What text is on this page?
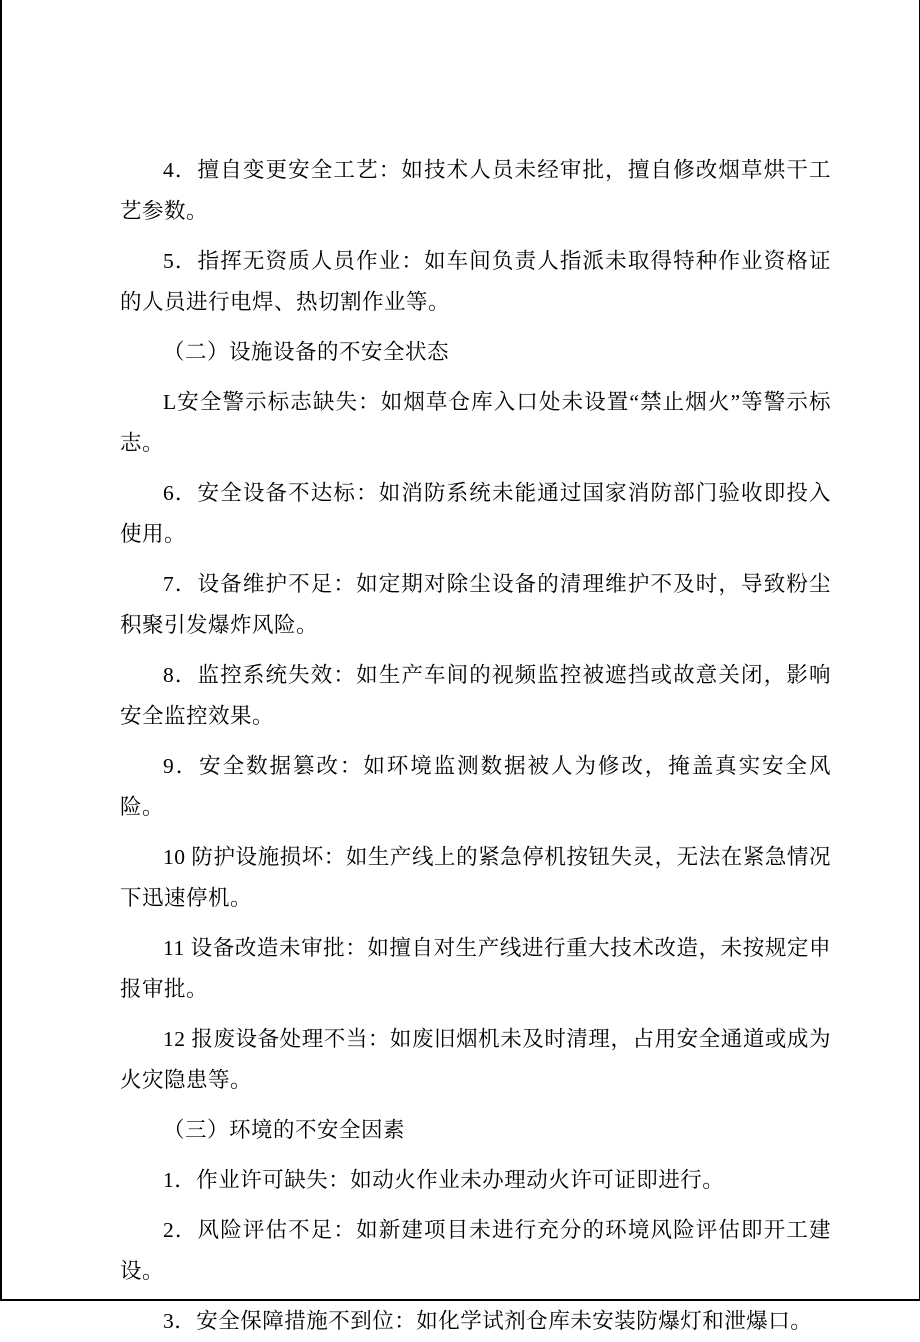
4．擅自变更安全工艺：如技术人员未经审批，擅自修改烟草烘干工艺参数。

5．指挥无资质人员作业：如车间负责人指派未取得特种作业资格证的人员进行电焊、热切割作业等。

（二）设施设备的不安全状态

L安全警示标志缺失：如烟草仓库入口处未设置“禁止烟火”等警示标志。

6．安全设备不达标：如消防系统未能通过国家消防部门验收即投入使用。

7．设备维护不足：如定期对除尘设备的清理维护不及时，导致粉尘积聚引发爆炸风险。

8．监控系统失效：如生产车间的视频监控被遮挡或故意关闭，影响安全监控效果。

9．安全数据篡改：如环境监测数据被人为修改，掩盖真实安全风险。

10 防护设施损坏：如生产线上的紧急停机按钮失灵，无法在紧急情况下迅速停机。

11 设备改造未审批：如擅自对生产线进行重大技术改造，未按规定申报审批。

12 报废设备处理不当：如废旧烟机未及时清理，占用安全通道或成为火灾隐患等。

（三）环境的不安全因素

1．作业许可缺失：如动火作业未办理动火许可证即进行。

2．风险评估不足：如新建项目未进行充分的环境风险评估即开工建设。

3．安全保障措施不到位：如化学试剂仓库未安装防爆灯和泄爆口。
